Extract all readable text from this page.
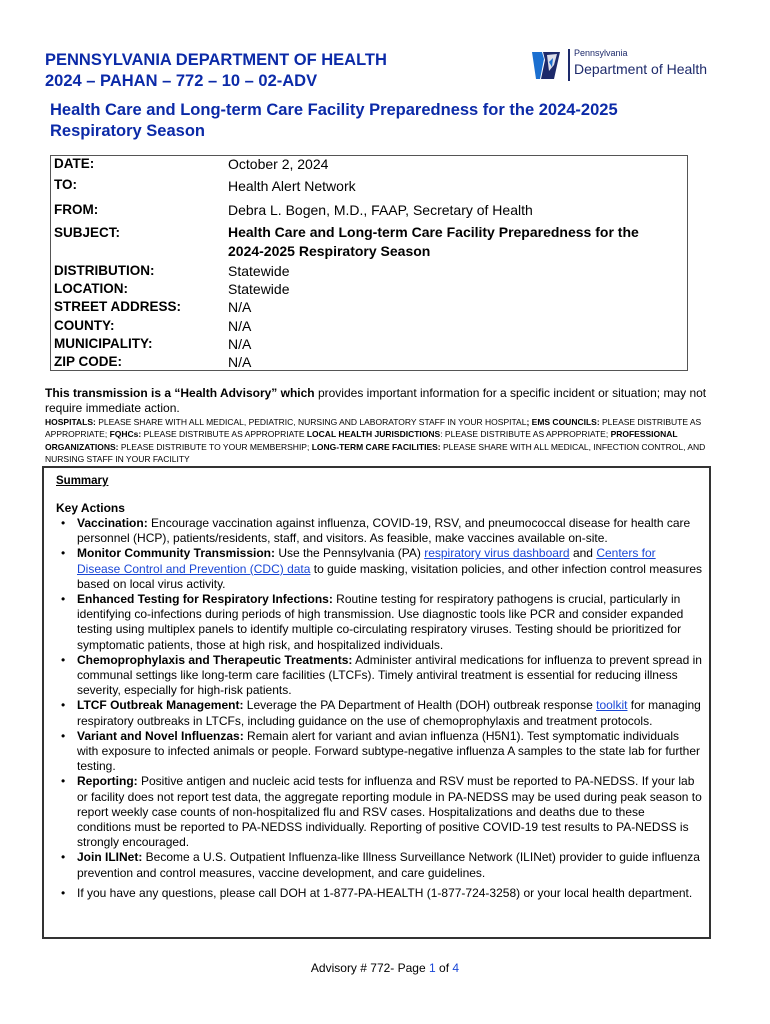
PENNSYLVANIA DEPARTMENT OF HEALTH
2024 – PAHAN – 772 – 10 – 02-ADV
Pennsylvania
Department of Health
Health Care and Long-term Care Facility Preparedness for the 2024-2025 Respiratory Season
DATE:	October 2, 2024
TO:	Health Alert Network
FROM:	Debra L. Bogen, M.D., FAAP, Secretary of Health
SUBJECT:	Health Care and Long-term Care Facility Preparedness for the
2024-2025 Respiratory Season
DISTRIBUTION:	Statewide
LOCATION:	Statewide
STREET ADDRESS:	N/A
COUNTY:	N/A
MUNICIPALITY:	N/A
ZIP CODE:	N/A
This transmission is a “Health Advisory” which provides important information for a specific incident or situation; may not require immediate action.
HOSPITALS: PLEASE SHARE WITH ALL MEDICAL, PEDIATRIC, NURSING AND LABORATORY STAFF IN YOUR HOSPITAL; EMS COUNCILS: PLEASE DISTRIBUTE AS APPROPRIATE; FQHCs: PLEASE DISTRIBUTE AS APPROPRIATE LOCAL HEALTH JURISDICTIONS: PLEASE DISTRIBUTE AS APPROPRIATE; PROFESSIONAL ORGANIZATIONS: PLEASE DISTRIBUTE TO YOUR MEMBERSHIP; LONG-TERM CARE FACILITIES: PLEASE SHARE WITH ALL MEDICAL, INFECTION CONTROL, AND NURSING STAFF IN YOUR FACILITY
Summary
Key Actions
• Vaccination: Encourage vaccination against influenza, COVID-19, RSV, and pneumococcal disease for health care personnel (HCP), patients/residents, staff, and visitors. As feasible, make vaccines available on-site.
• Monitor Community Transmission: Use the Pennsylvania (PA) respiratory virus dashboard and Centers for Disease Control and Prevention (CDC) data to guide masking, visitation policies, and other infection control measures based on local virus activity.
• Enhanced Testing for Respiratory Infections: Routine testing for respiratory pathogens is crucial, particularly in identifying co-infections during periods of high transmission. Use diagnostic tools like PCR and consider expanded testing using multiplex panels to identify multiple co-circulating respiratory viruses. Testing should be prioritized for symptomatic patients, those at high risk, and hospitalized individuals.
• Chemoprophylaxis and Therapeutic Treatments: Administer antiviral medications for influenza to prevent spread in communal settings like long-term care facilities (LTCFs). Timely antiviral treatment is essential for reducing illness severity, especially for high-risk patients.
• LTCF Outbreak Management: Leverage the PA Department of Health (DOH) outbreak response toolkit for managing respiratory outbreaks in LTCFs, including guidance on the use of chemoprophylaxis and treatment protocols.
• Variant and Novel Influenzas: Remain alert for variant and avian influenza (H5N1). Test symptomatic individuals with exposure to infected animals or people. Forward subtype-negative influenza A samples to the state lab for further testing.
• Reporting: Positive antigen and nucleic acid tests for influenza and RSV must be reported to PA-NEDSS. If your lab or facility does not report test data, the aggregate reporting module in PA-NEDSS may be used during peak season to report weekly case counts of non-hospitalized flu and RSV cases. Hospitalizations and deaths due to these conditions must be reported to PA-NEDSS individually. Reporting of positive COVID-19 test results to PA-NEDSS is strongly encouraged.
• Join ILINet: Become a U.S. Outpatient Influenza-like Illness Surveillance Network (ILINet) provider to guide influenza prevention and control measures, vaccine development, and care guidelines.
• If you have any questions, please call DOH at 1-877-PA-HEALTH (1-877-724-3258) or your local health department.
Advisory # 772- Page 1 of 4
